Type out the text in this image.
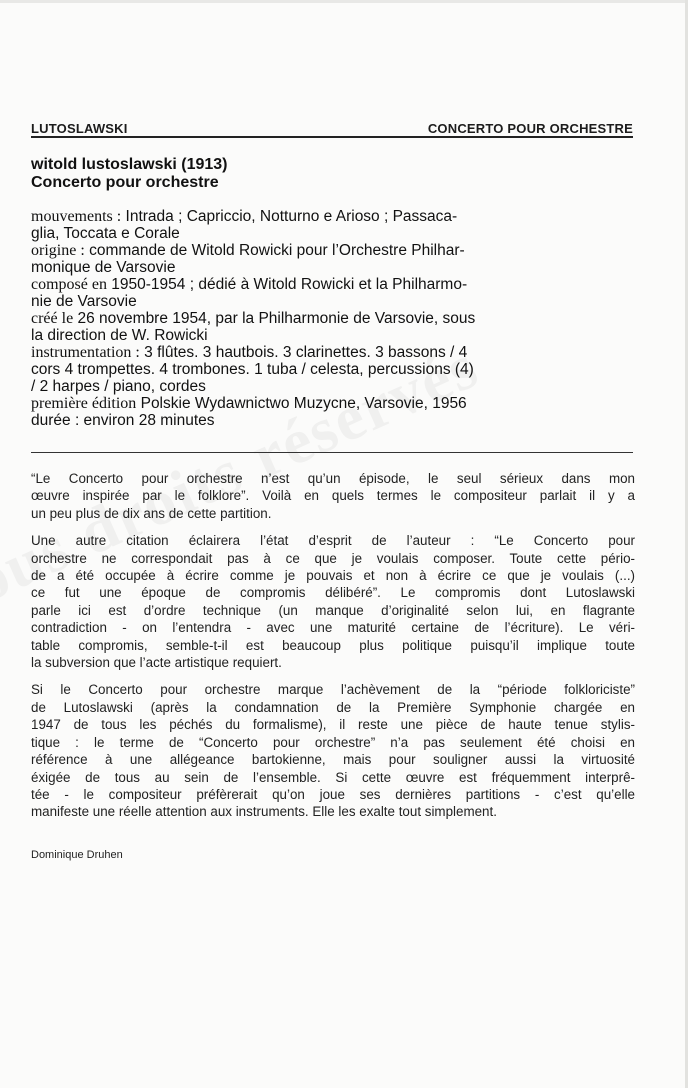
LUTOSLAWSKI	CONCERTO POUR ORCHESTRE
witold lustoslawski (1913)
Concerto pour orchestre
mouvements : Intrada ; Capriccio, Notturno e Arioso ; Passaca-
glia, Toccata e Corale
origine : commande de Witold Rowicki pour l’Orchestre Philhar-
monique de Varsovie
composé en 1950-1954 ; dédié à Witold Rowicki et la Philharmo-
nie de Varsovie
créé le 26 novembre 1954, par la Philharmonie de Varsovie, sous
la direction de W. Rowicki
instrumentation : 3 flûtes. 3 hautbois. 3 clarinettes. 3 bassons / 4
cors 4 trompettes. 4 trombones. 1 tuba / celesta, percussions (4)
/ 2 harpes / piano, cordes
première édition Polskie Wydawnictwo Muzycne, Varsovie, 1956
durée : environ 28 minutes

“Le Concerto pour orchestre n’est qu’un épisode, le seul sérieux dans mon
œuvre inspirée par le folklore”. Voilà en quels termes le compositeur parlait il y a
un peu plus de dix ans de cette partition.

Une autre citation éclairera l’état d’esprit de l’auteur : “Le Concerto pour
orchestre ne correspondait pas à ce que je voulais composer. Toute cette pério-
de a été occupée à écrire comme je pouvais et non à écrire ce que je voulais (...)
ce fut une époque de compromis délibéré”. Le compromis dont Lutoslawski
parle ici est d’ordre technique (un manque d’originalité selon lui, en flagrante
contradiction - on l’entendra - avec une maturité certaine de l’écriture). Le véri-
table compromis, semble-t-il est beaucoup plus politique puisqu’il implique toute
la subversion que l’acte artistique requiert.

Si le Concerto pour orchestre marque l’achèvement de la “période folkloriciste”
de Lutoslawski (après la condamnation de la Première Symphonie chargée en
1947 de tous les péchés du formalisme), il reste une pièce de haute tenue stylis-
tique : le terme de “Concerto pour orchestre” n’a pas seulement été choisi en
référence à une allégeance bartokienne, mais pour souligner aussi la virtuosité
éxigée de tous au sein de l’ensemble. Si cette œuvre est fréquemment interprê-
tée - le compositeur préfèrerait qu’on joue ses dernières partitions - c’est qu’elle
manifeste une réelle attention aux instruments. Elle les exalte tout simplement.

Dominique Druhen
